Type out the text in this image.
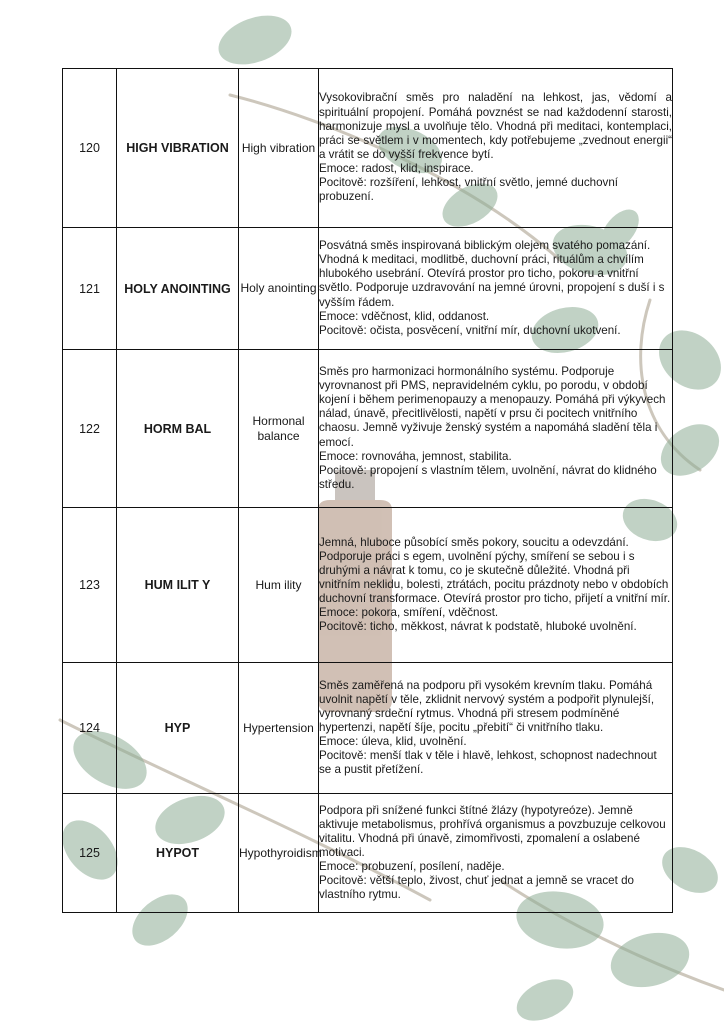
120	HIGH VIBRATION	High vibration	Vysokovibrační směs pro naladění na lehkost, jas, vědomí a spirituální propojení. Pomáhá povznést se nad každodenní starosti, harmonizuje mysl a uvolňuje tělo. Vhodná při meditaci, kontemplaci, práci se světlem i v momentech, kdy potřebujeme „zvednout energii“ a vrátit se do vyšší frekvence bytí.
Emoce: radost, klid, inspirace.
Pocitově: rozšíření, lehkost, vnitřní světlo, jemné duchovní probuzení.

121	HOLY ANOINTING	Holy anointing	Posvátná směs inspirovaná biblickým olejem svatého pomazání. Vhodná k meditaci, modlitbě, duchovní práci, rituálům a chvílím hlubokého usebrání. Otevírá prostor pro ticho, pokoru a vnitřní světlo. Podporuje uzdravování na jemné úrovni, propojení s duší i s vyšším řádem.
Emoce: vděčnost, klid, oddanost.
Pocitově: očista, posvěcení, vnitřní mír, duchovní ukotvení.

122	HORM BAL	Hormonal balance	Směs pro harmonizaci hormonálního systému. Podporuje vyrovnanost při PMS, nepravidelném cyklu, po porodu, v období kojení i během perimenopauzy a menopauzy. Pomáhá při výkyvech nálad, únavě, přecitlivělosti, napětí v prsu či pocitech vnitřního chaosu. Jemně vyživuje ženský systém a napomáhá sladění těla i emocí.
Emoce: rovnováha, jemnost, stabilita.
Pocitově: propojení s vlastním tělem, uvolnění, návrat do klidného středu.

123	HUM ILIT Y	Hum ility	Jemná, hluboce působící směs pokory, soucitu a odevzdání. Podporuje práci s egem, uvolnění pýchy, smíření se sebou i s druhými a návrat k tomu, co je skutečně důležité. Vhodná při vnitřním neklidu, bolesti, ztrátách, pocitu prázdnoty nebo v obdobích duchovní transformace. Otevírá prostor pro ticho, přijetí a vnitřní mír.
Emoce: pokora, smíření, vděčnost.
Pocitově: ticho, měkkost, návrat k podstatě, hluboké uvolnění.

124	HYP	Hypertension	Směs zaměřená na podporu při vysokém krevním tlaku. Pomáhá uvolnit napětí v těle, zklidnit nervový systém a podpořit plynulejší, vyrovnaný srdeční rytmus. Vhodná při stresem podmíněné hypertenzi, napětí šíje, pocitu „přebití“ či vnitřního tlaku.
Emoce: úleva, klid, uvolnění.
Pocitově: menší tlak v těle i hlavě, lehkost, schopnost nadechnout se a pustit přetížení.

125	HYPOT	Hypothyroidism	Podpora při snížené funkci štítné žlázy (hypotyreóze). Jemně aktivuje metabolismus, prohřívá organismus a povzbuzuje celkovou vitalitu. Vhodná při únavě, zimomřivosti, zpomalení a oslabené motivaci.
Emoce: probuzení, posílení, naděje.
Pocitově: větší teplo, živost, chuť jednat a jemně se vracet do vlastního rytmu.
